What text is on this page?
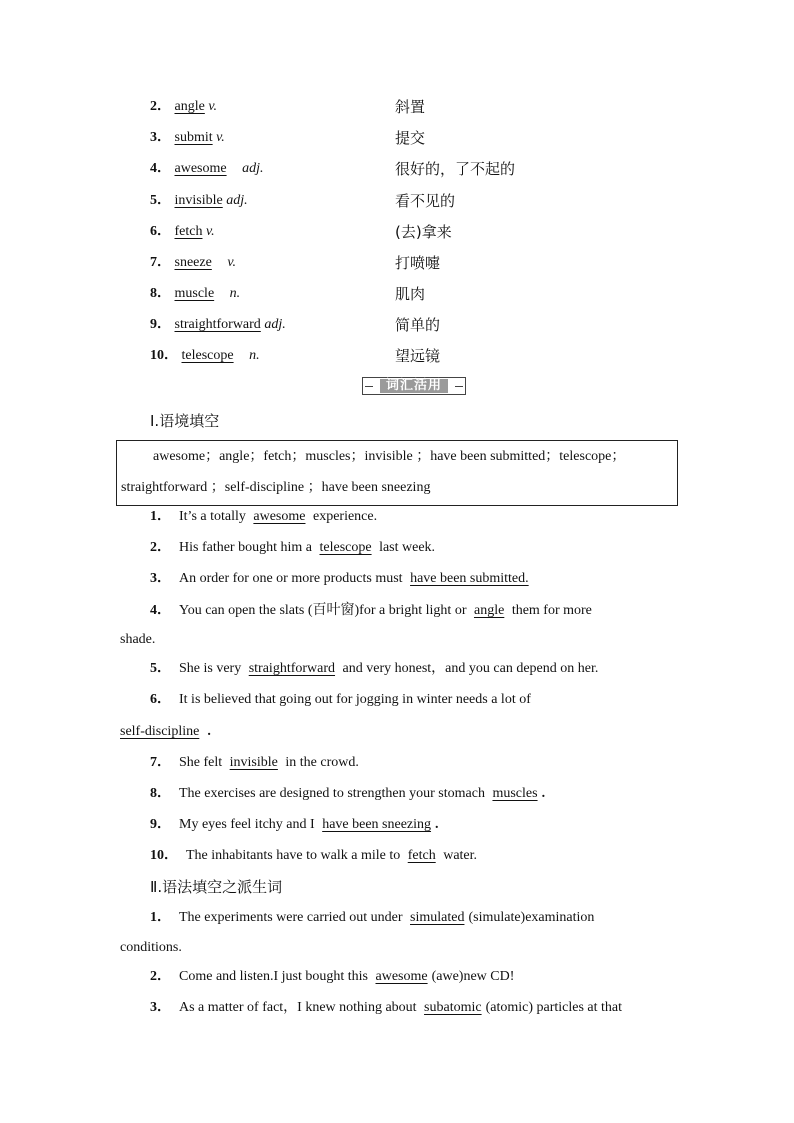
2． angle v.	斜置
3． submit v.	提交
4． awesome adj.	很好的，了不起的
5． invisible adj.	看不见的
6． fetch v.	(去)拿来
7． sneeze v.	打喷嚏
8． muscle n.	肌肉
9． straightforward adj.	简单的
10． telescope n.	望远镜
词汇活用
Ⅰ.语境填空
awesome；angle；fetch；muscles；invisible ；have been submitted；telescope；
straightforward ；self-discipline ；have been sneezing
1． It’s a totally awesome experience.
2． His father bought him a telescope last week.
3． An order for one or more products must have been submitted.
4． You can open the slats (百叶窗)for a bright light or angle them for more
shade.
5． She is very straightforward and very honest，and you can depend on her.
6． It is believed that going out for jogging in winter needs a lot of
self-discipline .
7． She felt invisible in the crowd.
8． The exercises are designed to strengthen your stomach muscles .
9． My eyes feel itchy and I have been sneezing .
10． The inhabitants have to walk a mile to fetch water.
Ⅱ.语法填空之派生词
1． The experiments were carried out under simulated (simulate)examination
conditions.
2． Come and listen.I just bought this awesome (awe)new CD!
3． As a matter of fact，I knew nothing about subatomic (atomic) particles at that
